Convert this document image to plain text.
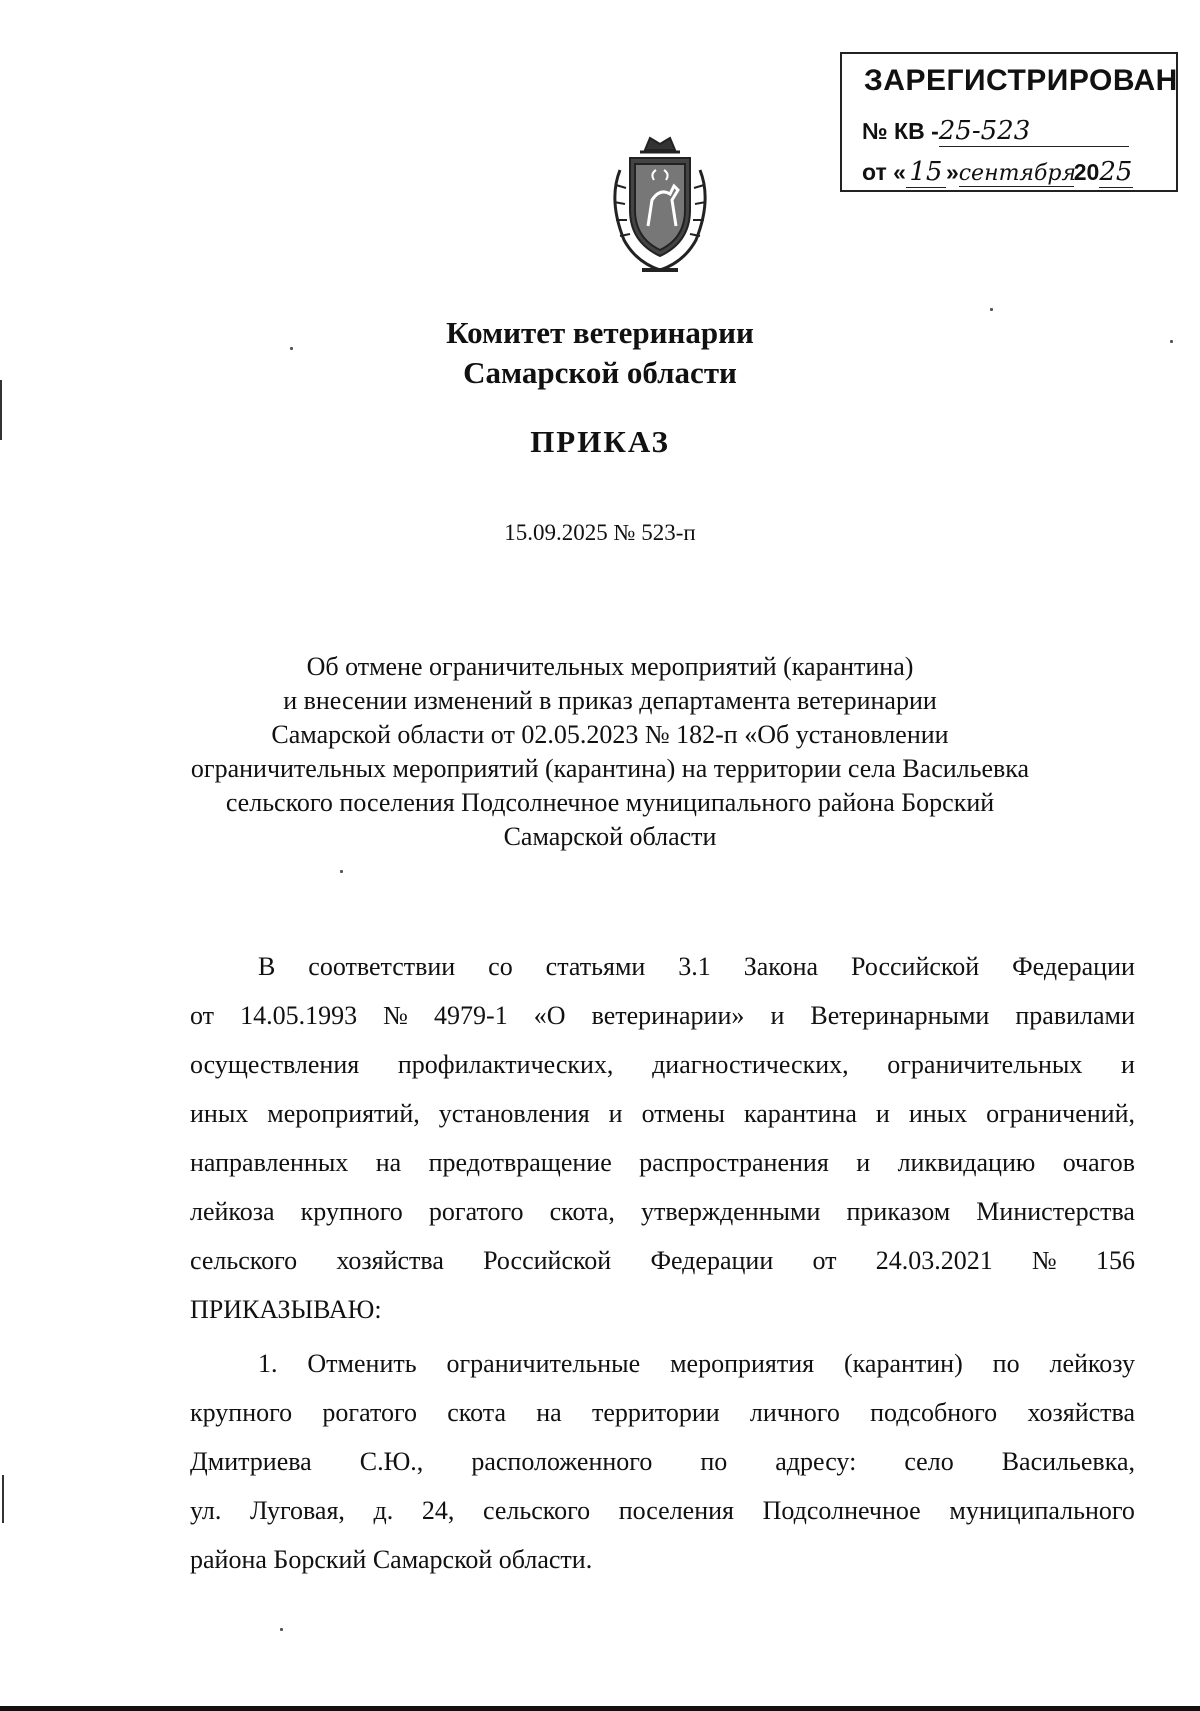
ЗАРЕГИСТРИРОВАН
№ КВ -25-523
от « 15 »сентября2025
Комитет ветеринарии
Самарской области
ПРИКАЗ
15.09.2025 № 523-п
Об отмене ограничительных мероприятий (карантина)
и внесении изменений в приказ департамента ветеринарии
Самарской области от 02.05.2023 № 182-п «Об установлении
ограничительных мероприятий (карантина) на территории села Васильевка
сельского поселения Подсолнечное муниципального района Борский
Самарской области
В соответствии со статьями 3.1 Закона Российской Федерации
от 14.05.1993 № 4979-1 «О ветеринарии» и Ветеринарными правилами
осуществления профилактических, диагностических, ограничительных и
иных мероприятий, установления и отмены карантина и иных ограничений,
направленных на предотвращение распространения и ликвидацию очагов
лейкоза крупного рогатого скота, утвержденными приказом Министерства
сельского хозяйства Российской Федерации от 24.03.2021 № 156
ПРИКАЗЫВАЮ:
1. Отменить ограничительные мероприятия (карантин) по лейкозу
крупного рогатого скота на территории личного подсобного хозяйства
Дмитриева С.Ю., расположенного по адресу: село Васильевка,
ул. Луговая, д. 24, сельского поселения Подсолнечное муниципального
района Борский Самарской области.
